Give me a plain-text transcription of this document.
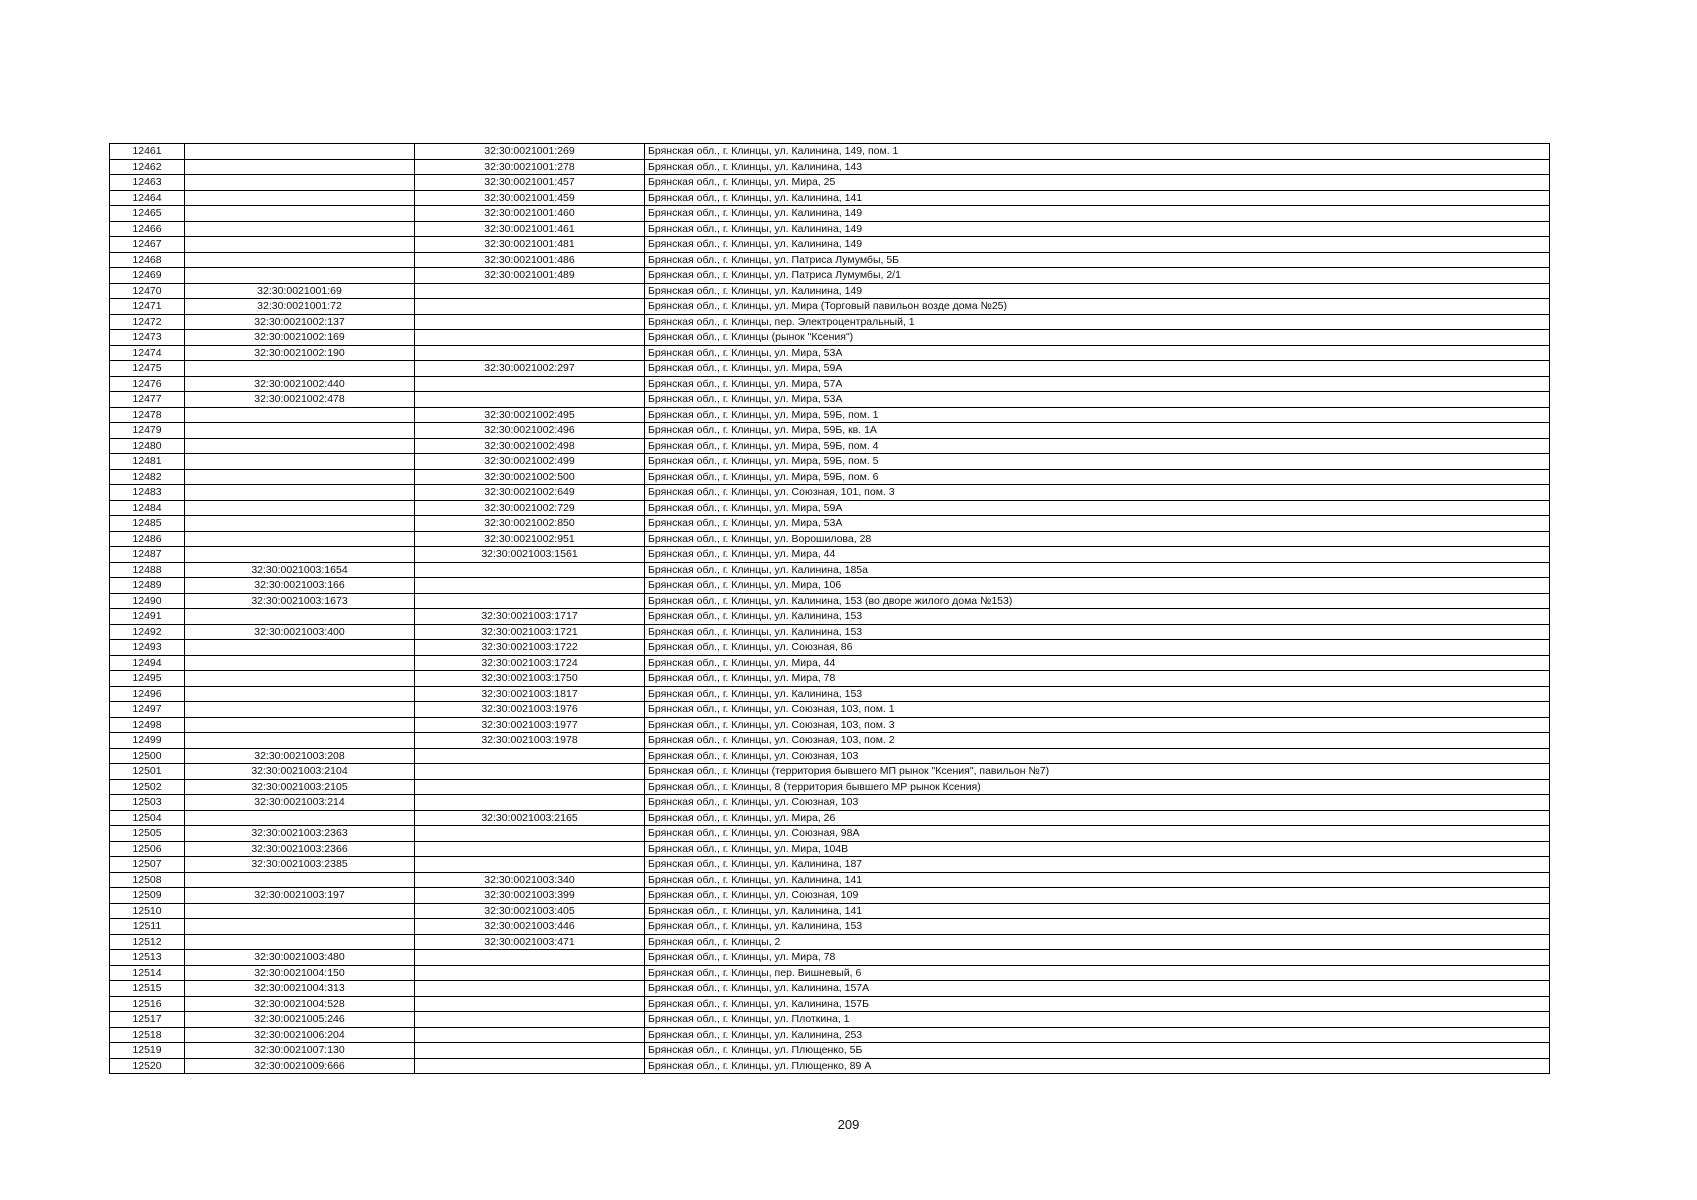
12461		32:30:0021001:269	Брянская обл., г. Клинцы, ул. Калинина, 149, пом. 1
12462		32:30:0021001:278	Брянская обл., г. Клинцы, ул. Калинина, 143
12463		32:30:0021001:457	Брянская обл., г. Клинцы, ул. Мира, 25
12464		32:30:0021001:459	Брянская обл., г. Клинцы, ул. Калинина, 141
12465		32:30:0021001:460	Брянская обл., г. Клинцы, ул. Калинина, 149
12466		32:30:0021001:461	Брянская обл., г. Клинцы, ул. Калинина, 149
12467		32:30:0021001:481	Брянская обл., г. Клинцы, ул. Калинина, 149
12468		32:30:0021001:486	Брянская обл., г. Клинцы, ул. Патриса Лумумбы, 5Б
12469		32:30:0021001:489	Брянская обл., г. Клинцы, ул. Патриса Лумумбы, 2/1
12470	32:30:0021001:69		Брянская обл., г. Клинцы, ул. Калинина, 149
12471	32:30:0021001:72		Брянская обл., г. Клинцы, ул. Мира (Торговый павильон возде дома №25)
12472	32:30:0021002:137		Брянская обл., г. Клинцы, пер. Электроцентральный, 1
12473	32:30:0021002:169		Брянская обл., г. Клинцы (рынок "Ксения")
12474	32:30:0021002:190		Брянская обл., г. Клинцы, ул. Мира, 53А
12475		32:30:0021002:297	Брянская обл., г. Клинцы, ул. Мира, 59А
12476	32:30:0021002:440		Брянская обл., г. Клинцы, ул. Мира, 57А
12477	32:30:0021002:478		Брянская обл., г. Клинцы, ул. Мира, 53А
12478		32:30:0021002:495	Брянская обл., г. Клинцы, ул. Мира, 59Б, пом. 1
12479		32:30:0021002:496	Брянская обл., г. Клинцы, ул. Мира, 59Б, кв. 1А
12480		32:30:0021002:498	Брянская обл., г. Клинцы, ул. Мира, 59Б, пом. 4
12481		32:30:0021002:499	Брянская обл., г. Клинцы, ул. Мира, 59Б, пом. 5
12482		32:30:0021002:500	Брянская обл., г. Клинцы, ул. Мира, 59Б, пом. 6
12483		32:30:0021002:649	Брянская обл., г. Клинцы, ул. Союзная, 101, пом. 3
12484		32:30:0021002:729	Брянская обл., г. Клинцы, ул. Мира, 59А
12485		32:30:0021002:850	Брянская обл., г. Клинцы, ул. Мира, 53А
12486		32:30:0021002:951	Брянская обл., г. Клинцы, ул. Ворошилова, 28
12487		32:30:0021003:1561	Брянская обл., г. Клинцы, ул. Мира, 44
12488	32:30:0021003:1654		Брянская обл., г. Клинцы, ул. Калинина, 185а
12489	32:30:0021003:166		Брянская обл., г. Клинцы, ул. Мира, 106
12490	32:30:0021003:1673		Брянская обл., г. Клинцы, ул. Калинина, 153 (во дворе жилого дома №153)
12491		32:30:0021003:1717	Брянская обл., г. Клинцы, ул. Калинина, 153
12492	32:30:0021003:400	32:30:0021003:1721	Брянская обл., г. Клинцы, ул. Калинина, 153
12493		32:30:0021003:1722	Брянская обл., г. Клинцы, ул. Союзная, 86
12494		32:30:0021003:1724	Брянская обл., г. Клинцы, ул. Мира, 44
12495		32:30:0021003:1750	Брянская обл., г. Клинцы, ул. Мира, 78
12496		32:30:0021003:1817	Брянская обл., г. Клинцы, ул. Калинина, 153
12497		32:30:0021003:1976	Брянская обл., г. Клинцы, ул. Союзная, 103, пом. 1
12498		32:30:0021003:1977	Брянская обл., г. Клинцы, ул. Союзная, 103, пом. 3
12499		32:30:0021003:1978	Брянская обл., г. Клинцы, ул. Союзная, 103, пом. 2
12500	32:30:0021003:208		Брянская обл., г. Клинцы, ул. Союзная, 103
12501	32:30:0021003:2104		Брянская обл., г. Клинцы (территория бывшего МП рынок "Ксения", павильон №7)
12502	32:30:0021003:2105		Брянская обл., г. Клинцы, 8 (территория бывшего МР рынок Ксения)
12503	32:30:0021003:214		Брянская обл., г. Клинцы, ул. Союзная, 103
12504		32:30:0021003:2165	Брянская обл., г. Клинцы, ул. Мира, 26
12505	32:30:0021003:2363		Брянская обл., г. Клинцы, ул. Союзная, 98А
12506	32:30:0021003:2366		Брянская обл., г. Клинцы, ул. Мира, 104В
12507	32:30:0021003:2385		Брянская обл., г. Клинцы, ул. Калинина, 187
12508		32:30:0021003:340	Брянская обл., г. Клинцы, ул. Калинина, 141
12509	32:30:0021003:197	32:30:0021003:399	Брянская обл., г. Клинцы, ул. Союзная, 109
12510		32:30:0021003:405	Брянская обл., г. Клинцы, ул. Калинина, 141
12511		32:30:0021003:446	Брянская обл., г. Клинцы, ул. Калинина, 153
12512		32:30:0021003:471	Брянская обл., г. Клинцы, 2
12513	32:30:0021003:480		Брянская обл., г. Клинцы, ул. Мира, 78
12514	32:30:0021004:150		Брянская обл., г. Клинцы, пер. Вишневый, 6
12515	32:30:0021004:313		Брянская обл., г. Клинцы, ул. Калинина, 157А
12516	32:30:0021004:528		Брянская обл., г. Клинцы, ул. Калинина, 157Б
12517	32:30:0021005:246		Брянская обл., г. Клинцы, ул. Плоткина, 1
12518	32:30:0021006:204		Брянская обл., г. Клинцы, ул. Калинина, 253
12519	32:30:0021007:130		Брянская обл., г. Клинцы, ул. Плющенко, 5Б
12520	32:30:0021009:666		Брянская обл., г. Клинцы, ул. Плющенко, 89 А
209
